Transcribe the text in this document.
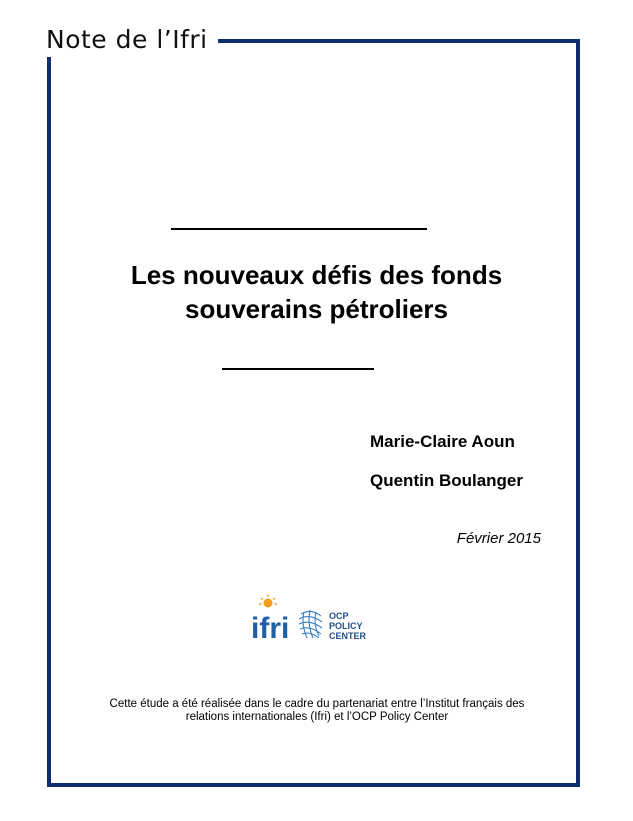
Note de l’Ifri
Les nouveaux défis des fonds
souverains pétroliers
Marie-Claire Aoun
Quentin Boulanger
Février 2015
ifri	OCP
POLICY
CENTER
Cette étude a été réalisée dans le cadre du partenariat entre l’Institut français des
relations internationales (Ifri) et l’OCP Policy Center
